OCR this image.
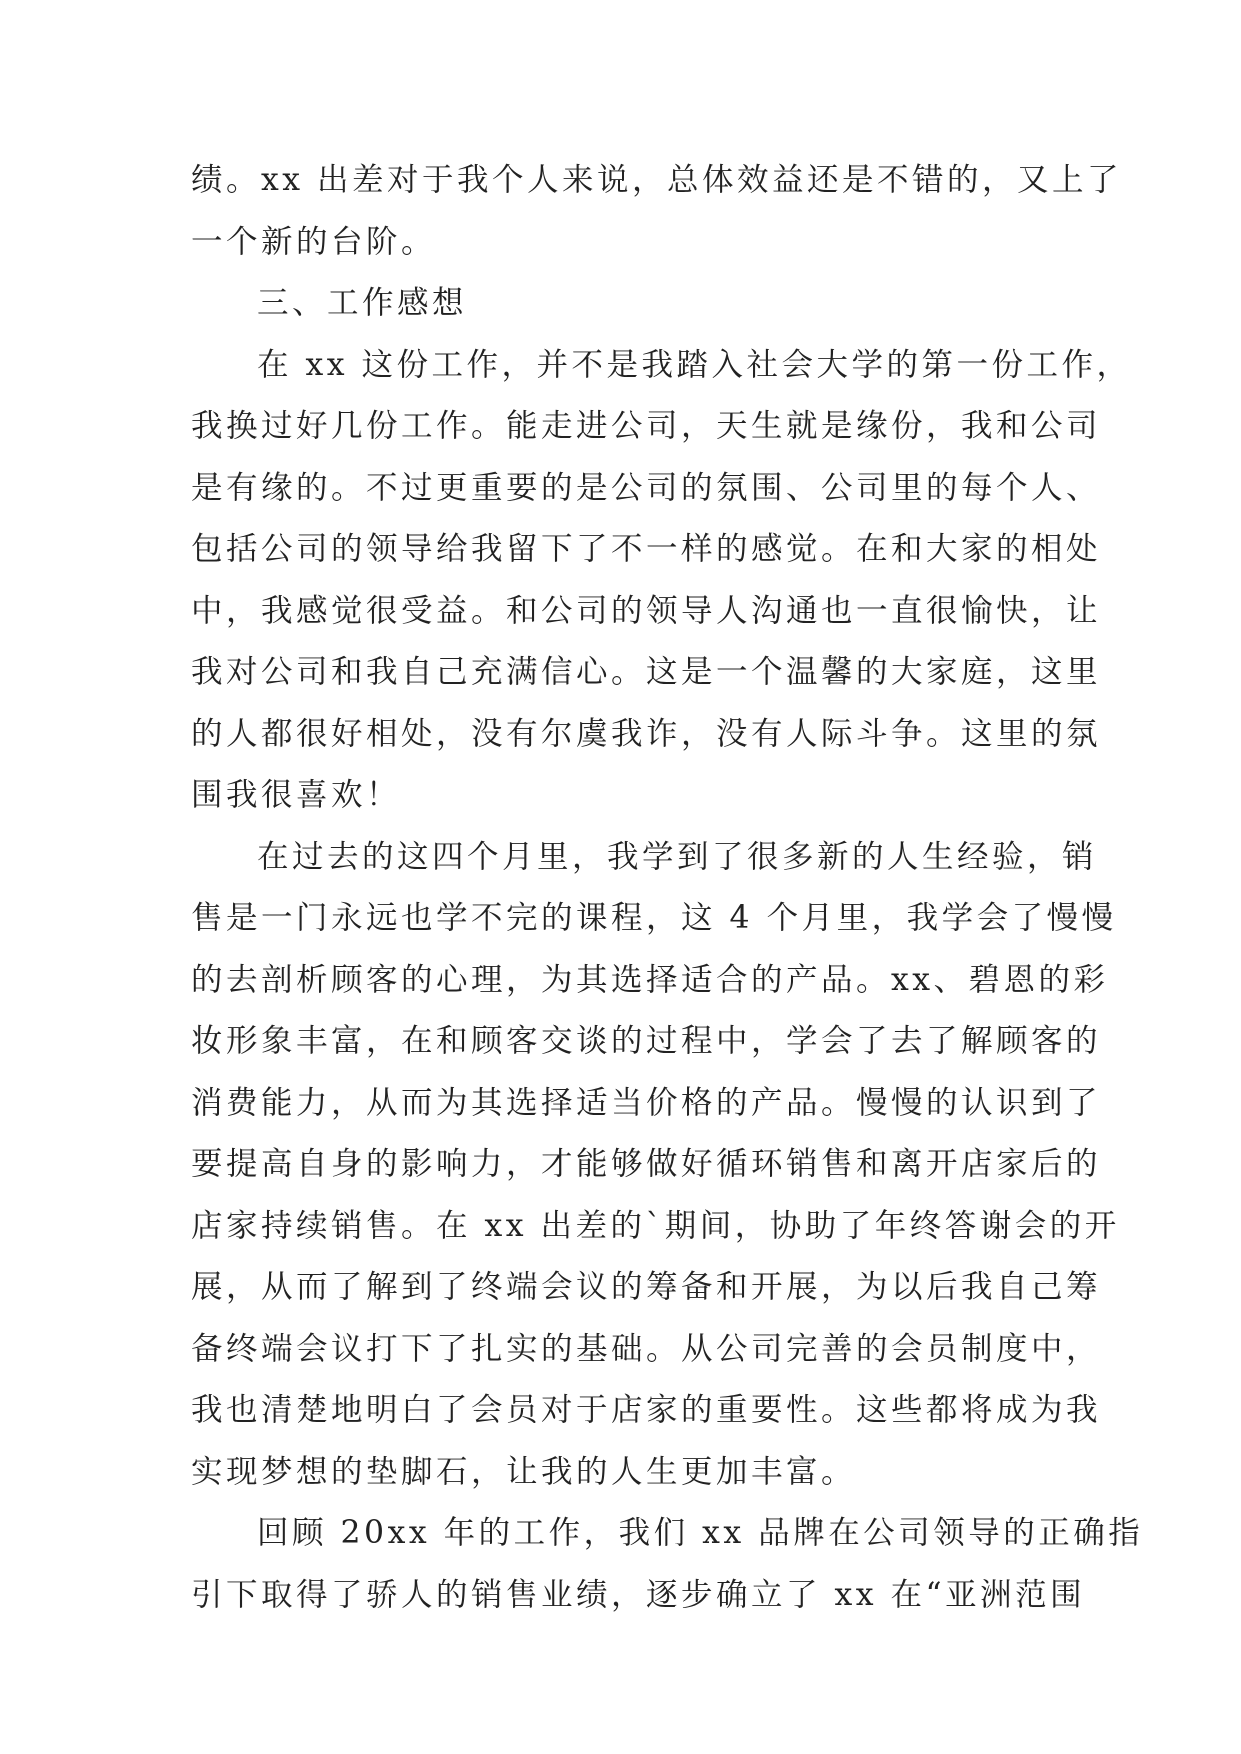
绩。xx 出差对于我个人来说，总体效益还是不错的，又上了
一个新的台阶。
三、工作感想
在 xx 这份工作，并不是我踏入社会大学的第一份工作，
我换过好几份工作。能走进公司，天生就是缘份，我和公司
是有缘的。不过更重要的是公司的氛围、公司里的每个人、
包括公司的领导给我留下了不一样的感觉。在和大家的相处
中，我感觉很受益。和公司的领导人沟通也一直很愉快，让
我对公司和我自己充满信心。这是一个温馨的大家庭，这里
的人都很好相处，没有尔虞我诈，没有人际斗争。这里的氛
围我很喜欢！
在过去的这四个月里，我学到了很多新的人生经验，销
售是一门永远也学不完的课程，这 4 个月里，我学会了慢慢
的去剖析顾客的心理，为其选择适合的产品。xx、碧恩的彩
妆形象丰富，在和顾客交谈的过程中，学会了去了解顾客的
消费能力，从而为其选择适当价格的产品。慢慢的认识到了
要提高自身的影响力，才能够做好循环销售和离开店家后的
店家持续销售。在 xx 出差的`期间，协助了年终答谢会的开
展，从而了解到了终端会议的筹备和开展，为以后我自己筹
备终端会议打下了扎实的基础。从公司完善的会员制度中，
我也清楚地明白了会员对于店家的重要性。这些都将成为我
实现梦想的垫脚石，让我的人生更加丰富。
回顾 20xx 年的工作，我们 xx 品牌在公司领导的正确指
引下取得了骄人的销售业绩，逐步确立了 xx 在“亚洲范围
